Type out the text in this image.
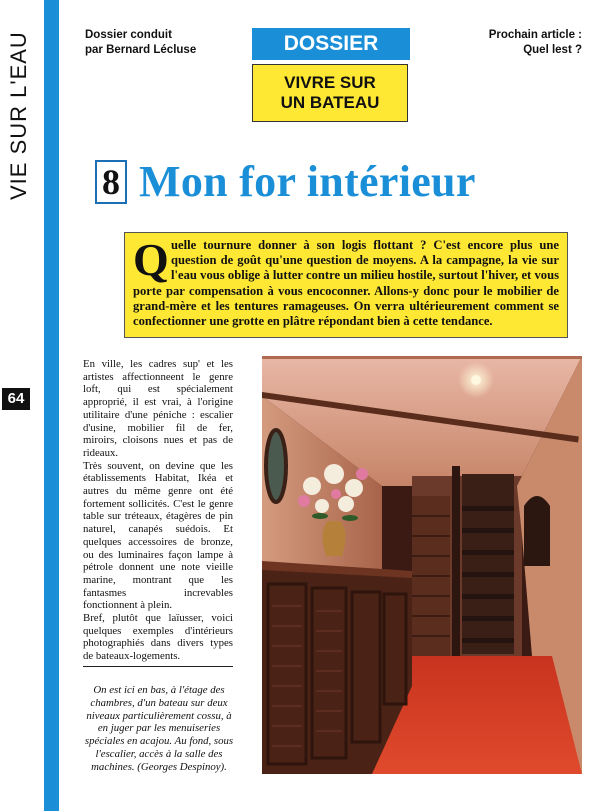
VIE SUR L'EAU
64
Dossier conduit
par Bernard Lécluse	DOSSIER
VIVRE SUR
UN BATEAU
Prochain article :
Quel lest ?
8 Mon for intérieur
Q uelle tournure donner à son logis flottant ? C'est encore plus une question de goût qu'une question de moyens. A la campagne, la vie sur l'eau vous oblige à lutter contre un milieu hostile, surtout l'hiver, et vous porte par compensation à vous encoconner. Allons-y donc pour le mobilier de grand-mère et les tentures ramageuses. On verra ultérieurement comment se confectionner une grotte en plâtre répondant bien à cette tendance.

En ville, les cadres sup' et les artistes affectionneent le genre loft, qui est spécialement approprié, il est vrai, à l'origine utilitaire d'une péniche : escalier d'usine, mobilier fil de fer, miroirs, cloisons nues et pas de rideaux.

Très souvent, on devine que les établissements Habitat, Ikéa et autres du même genre ont été fortement sollicités. C'est le genre table sur tréteaux, étagères de pin naturel, canapés suédois. Et quelques accessoires de bronze, ou des luminaires façon lampe à pétrole donnent une note vieille marine, montrant que les fantasmes increvables fonctionnent à plein.

Bref, plutôt que laïusser, voici quelques exemples d'intérieurs photographiés dans divers types de bateaux-logements.

On est ici en bas, à l'étage des chambres, d'un bateau sur deux niveaux particulièrement cossu, à en juger par les menuiseries spéciales en acajou. Au fond, sous l'escalier, accès à la salle des machines. (Georges Despinoy).
